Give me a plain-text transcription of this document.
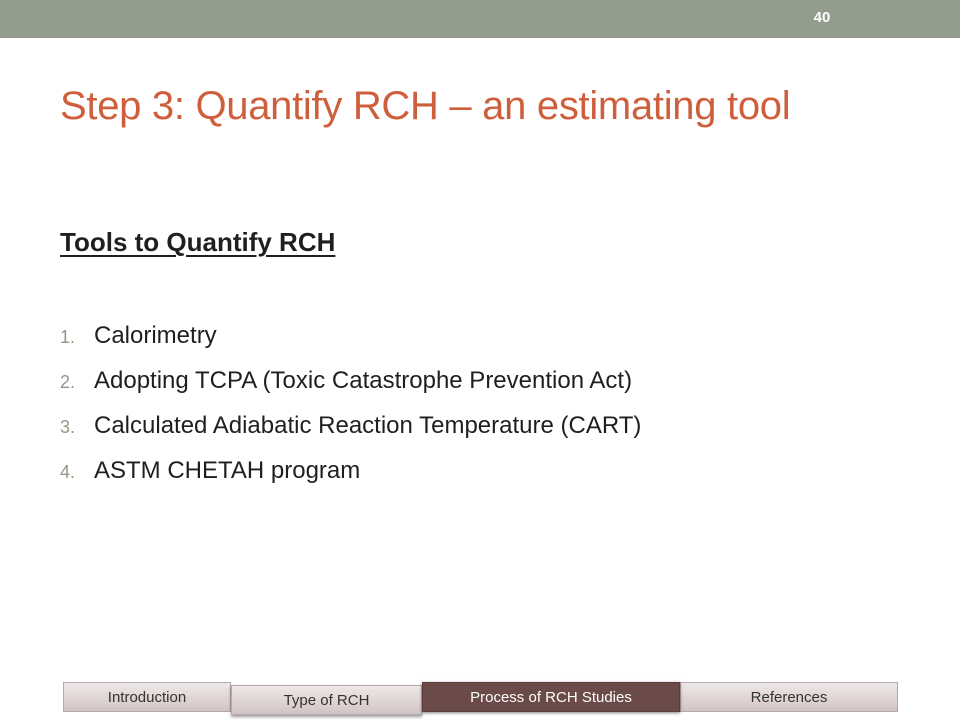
40
Step 3: Quantify RCH – an estimating tool
Tools to Quantify RCH
1. Calorimetry
2. Adopting TCPA (Toxic Catastrophe Prevention Act)
3. Calculated Adiabatic Reaction Temperature (CART)
4. ASTM CHETAH program
Introduction	Type of RCH	Process of RCH Studies	References
